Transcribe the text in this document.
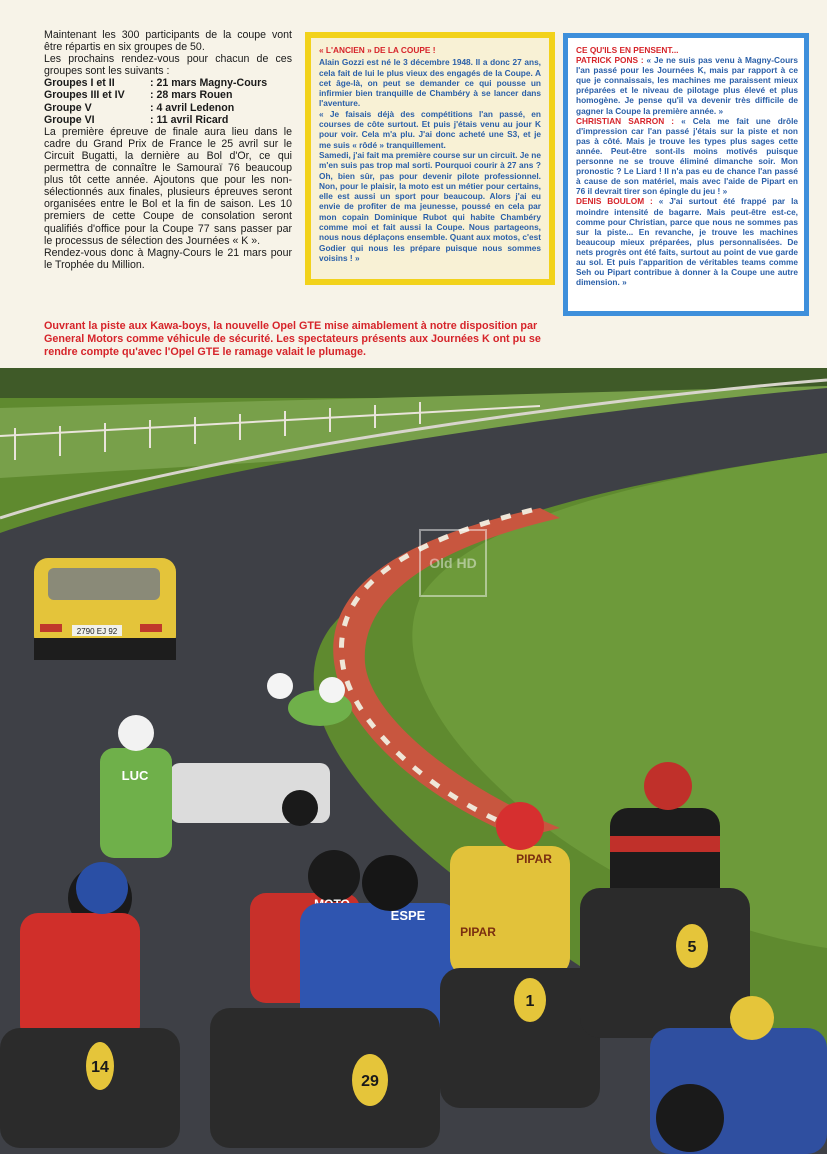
Maintenant les 300 participants de la coupe vont être répartis en six groupes de 50.

Les prochains rendez-vous pour chacun de ces groupes sont les suivants :

Groupes I et II	: 21 mars Magny-Cours
Groupes III et IV	: 28 mars Rouen
Groupe V	: 4 avril Ledenon
Groupe VI	: 11 avril Ricard

La première épreuve de finale aura lieu dans le cadre du Grand Prix de France le 25 avril sur le Circuit Bugatti, la dernière au Bol d'Or, ce qui permettra de connaître le Samouraï 76 beaucoup plus tôt cette année. Ajoutons que pour les non-sélectionnés aux finales, plusieurs épreuves seront organisées entre le Bol et la fin de saison. Les 10 premiers de cette Coupe de consolation seront qualifiés d'office pour la Coupe 77 sans passer par le processus de sélection des Journées « K ».

Rendez-vous donc à Magny-Cours le 21 mars pour le Trophée du Million.

« L'ANCIEN » DE LA COUPE !

Alain Gozzi est né le 3 décembre 1948. Il a donc 27 ans, cela fait de lui le plus vieux des engagés de la Coupe. A cet âge-là, on peut se demander ce qui pousse un infirmier bien tranquille de Chambéry à se lancer dans l'aventure.

« Je faisais déjà des compétitions l'an passé, en courses de côte surtout. Et puis j'étais venu au jour K pour voir. Cela m'a plu. J'ai donc acheté une S3, et je me suis « rôdé » tranquillement.

Samedi, j'ai fait ma première course sur un circuit. Je ne m'en suis pas trop mal sorti. Pourquoi courir à 27 ans ? Oh, bien sûr, pas pour devenir pilote professionnel. Non, pour le plaisir, la moto est un métier pour certains, elle est aussi un sport pour beaucoup. Alors j'ai eu envie de profiter de ma jeunesse, poussé en cela par mon copain Dominique Rubot qui habite Chambéry comme moi et fait aussi la Coupe. Nous partageons, nous nous déplaçons ensemble. Quant aux motos, c'est Godier qui nous les prépare puisque nous sommes voisins ! »

CE QU'ILS EN PENSENT...

PATRICK PONS : « Je ne suis pas venu à Magny-Cours l'an passé pour les Journées K, mais par rapport à ce que je connaissais, les machines me paraissent mieux préparées et le niveau de pilotage plus élevé et plus homogène. Je pense qu'il va devenir très difficile de gagner la Coupe la première année. »

CHRISTIAN SARRON : « Cela me fait une drôle d'impression car l'an passé j'étais sur la piste et non pas à côté. Mais je trouve les types plus sages cette année. Peut-être sont-ils moins motivés puisque personne ne se trouve éliminé dimanche soir. Mon pronostic ? Le Liard ! Il n'a pas eu de chance l'an passé à cause de son matériel, mais avec l'aide de Pipart en 76 il devrait tirer son épingle du jeu ! »

DENIS BOULOM : « J'ai surtout été frappé par la moindre intensité de bagarre. Mais peut-être est-ce, comme pour Christian, parce que nous ne sommes pas sur la piste... En revanche, je trouve les machines beaucoup mieux préparées, plus personnalisées. De nets progrès ont été faits, surtout au point de vue garde au sol. Et puis l'apparition de véritables teams comme Seh ou Pipart contribue à donner à la Coupe une autre dimension. »

Ouvrant la piste aux Kawa-boys, la nouvelle Opel GTE mise aimablement à notre disposition par General Motors comme véhicule de sécurité. Les spectateurs présents aux Journées K ont pu se rendre compte qu'avec l'Opel GTE le ramage valait le plumage.
2790 EJ 92
LUC
14
ESPE
29
PIPAR
PIPAR
1
5
Old HD
